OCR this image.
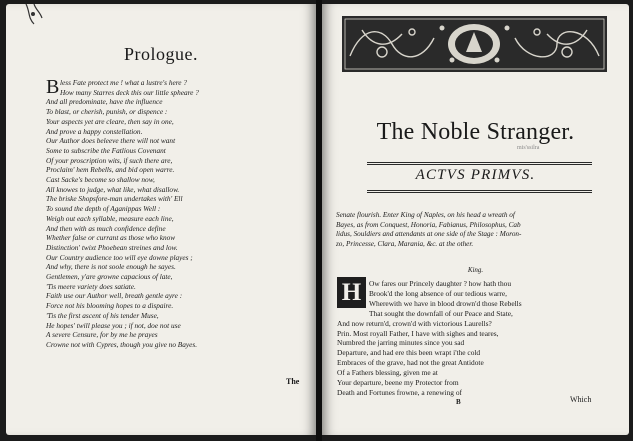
Prologue.
B less Fate protect me ! what a lustre's here ?
How many Starres deck this our little spheare ?
And all predominate, have the influence
To blast, or cherish, punish, or dispence :
Your aspects yet are cleare, then say in one,
And prove a happy constellation.
Our Author does beleeve there will not want
Some to subscribe the Fatlious Covenant
Of your proscription wits, if such there are,
Proclaim' hem Rebells, and bid open warre.
Cast Sacke's become so shallow now,
All knowes to judge, what like, what disallow.
The briske Shopsfore-man undertakes with' Ell
To sound the depth of Aganippas Well :
Weigh out each syllable, measure each line,
And then with as much confidence define
Whether false or currant as those who know
Distinction' twixt Phoebean streines and low.
Our Country audience too will eye downe playes ;
And why, there is not soole enough he sayes.
Gentlemen, y'are growne capacious of late,
'Tis meere variety does satiate.
Faith use our Author well, breath gentle ayre :
Force not his blooming hopes to a dispaire.
'Tis the first ascent of his tender Muse,
He hopes' twill please you ; if not, doe not use
A severe Censure, for by me he prayes
Crowne not with Cypres, though you give no Bayes.
The
The Noble Stranger.
mis'ssilra
ACTVS PRIMVS.
Senate flourish. Enter King of Naples, on his head a wreath of
Bayes, as from Conquest, Honoria, Fabianus, Philosophus, Cab
lidus, Souldiers and attendants at one side of the Stage : Moron-
zo, Princesse, Clara, Marania, &c. at the other.
King.
H	Ow fares our Princely daughter ? how hath thou
Brook'd the long absence of our tedious warre,
Wherewith we have in blood drown'd those Rebells
That sought the downfall of our Peace and State,
And now return'd, crown'd with victorious Laurells?
Prin. Most royall Father, I have with sighes and teares,
Numbred the jarring minutes since you sad
Departure, and had ere this been wrapt i'the cold
Embraces of the grave, had not the great Antidote
Of a Fathers blessing, given me at
Your departure, beene my Protector from
Death and Fortunes frowne, a renewing of
B	Which
